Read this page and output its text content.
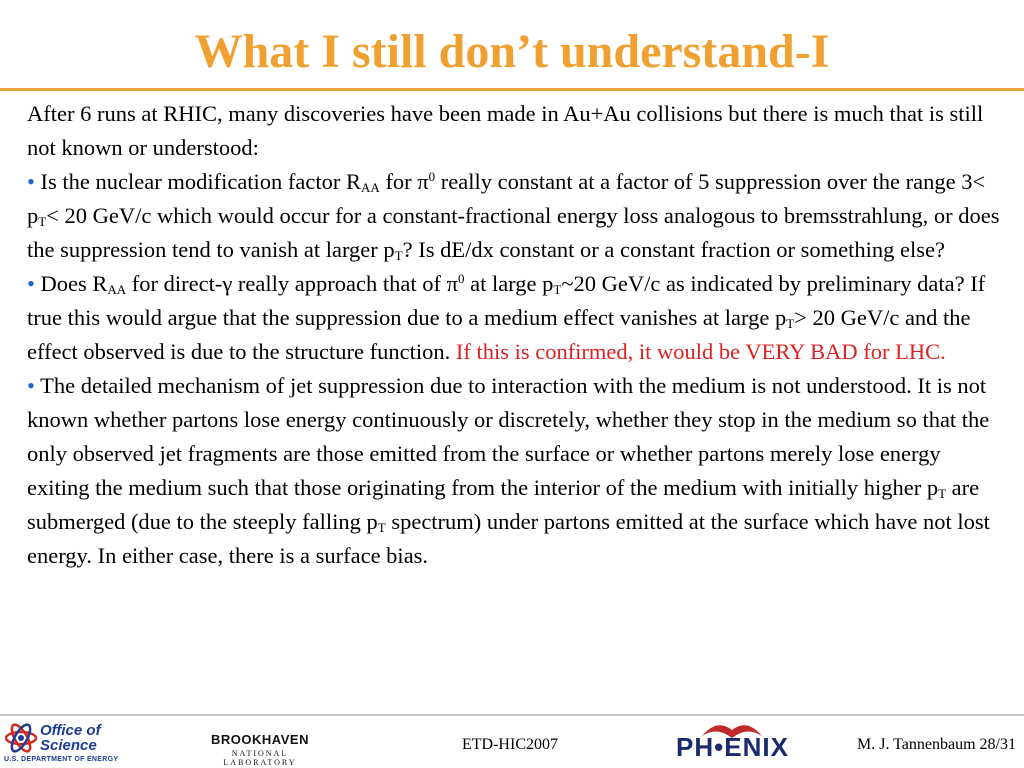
What I still don’t understand-I

After 6 runs at RHIC, many discoveries have been made in Au+Au collisions but there is much that is still not known or understood:

• Is the nuclear modification factor $R_{AA}$ for $\pi^0$ really constant at a factor of 5 suppression over the range $3< p_T< 20$ GeV/c which would occur for a constant-fractional energy loss analogous to bremsstrahlung, or does the suppression tend to vanish at larger $p_T$? Is dE/dx constant or a constant fraction or something else?

• Does $R_{AA}$ for direct-γ really approach that of $\pi^0$ at large $p_T\sim 20$ GeV/c as indicated by preliminary data? If true this would argue that the suppression due to a medium effect vanishes at large $p_T> 20$ GeV/c and the effect observed is due to the structure function. If this is confirmed, it would be VERY BAD for LHC.

• The detailed mechanism of jet suppression due to interaction with the medium is not understood. It is not known whether partons lose energy continuously or discretely, whether they stop in the medium so that the only observed jet fragments are those emitted from the surface or whether partons merely lose energy exiting the medium such that those originating from the interior of the medium with initially higher $p_T$ are submerged (due to the steeply falling $p_T$ spectrum) under partons emitted at the surface which have not lost energy. In either case, there is a surface bias.

Office of
Science
U.S. DEPARTMENT OF ENERGY
BROOKHAVEN
NATIONAL LABORATORY
ETD-HIC2007	PH•ENIX	M. J. Tannenbaum 28/31
